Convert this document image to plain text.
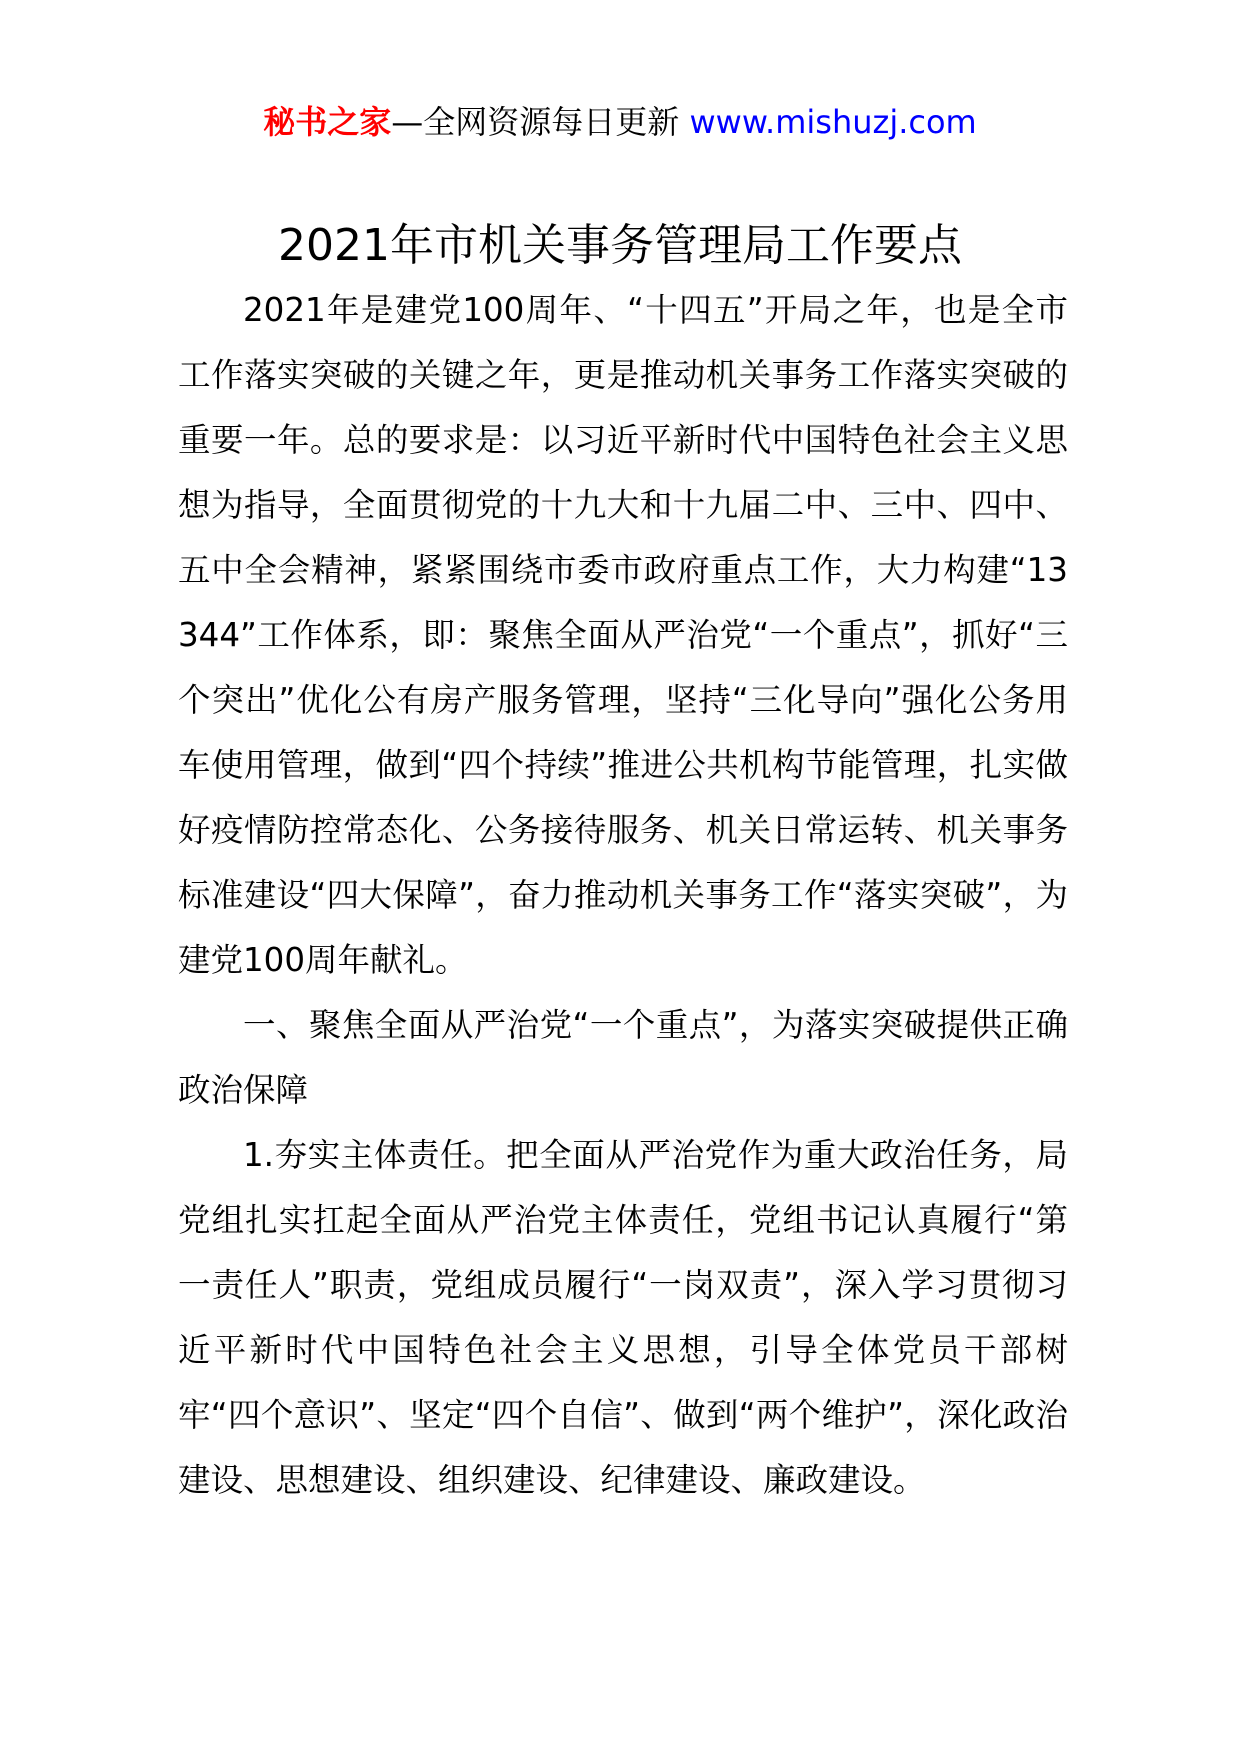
秘书之家—全网资源每日更新 www.mishuzj.com
2021年市机关事务管理局工作要点

2021年是建党100周年、“十四五”开局之年，也是全市工作落实突破的关键之年，更是推动机关事务工作落实突破的重要一年。总的要求是：以习近平新时代中国特色社会主义思想为指导，全面贯彻党的十九大和十九届二中、三中、四中、五中全会精神，紧紧围绕市委市政府重点工作，大力构建“13344”工作体系，即：聚焦全面从严治党“一个重点”，抓好“三个突出”优化公有房产服务管理，坚持“三化导向”强化公务用车使用管理，做到“四个持续”推进公共机构节能管理，扎实做好疫情防控常态化、公务接待服务、机关日常运转、机关事务标准建设“四大保障”，奋力推动机关事务工作“落实突破”，为建党100周年献礼。

一、聚焦全面从严治党“一个重点”，为落实突破提供正确政治保障

1.夯实主体责任。把全面从严治党作为重大政治任务，局党组扎实扛起全面从严治党主体责任，党组书记认真履行“第一责任人”职责，党组成员履行“一岗双责”，深入学习贯彻习近平新时代中国特色社会主义思想，引导全体党员干部树牢“四个意识”、坚定“四个自信”、做到“两个维护”，深化政治建设、思想建设、组织建设、纪律建设、廉政建设。
